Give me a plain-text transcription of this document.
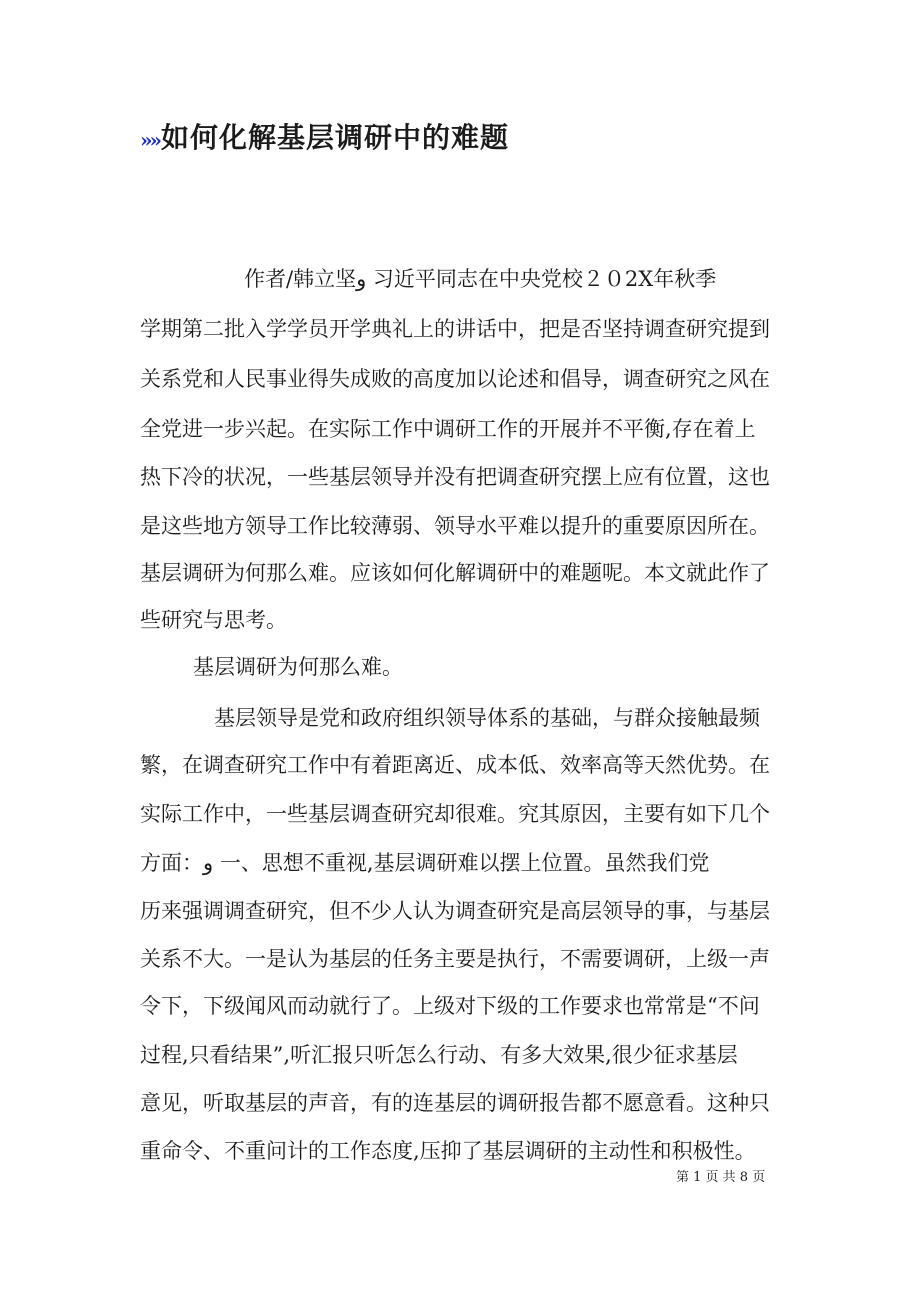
»»如何化解基层调研中的难题
作者/韩立坚و 习近平同志在中央党校２０2X年秋季
学期第二批入学学员开学典礼上的讲话中，把是否坚持调查研究提到
关系党和人民事业得失成败的高度加以论述和倡导，调查研究之风在
全党进一步兴起。在实际工作中调研工作的开展并不平衡,存在着上
热下冷的状况，一些基层领导并没有把调查研究摆上应有位置，这也
是这些地方领导工作比较薄弱、领导水平难以提升的重要原因所在。
基层调研为何那么难。应该如何化解调研中的难题呢。本文就此作了
些研究与思考。
基层调研为何那么难。
基层领导是党和政府组织领导体系的基础，与群众接触最频
繁，在调查研究工作中有着距离近、成本低、效率高等天然优势。在
实际工作中，一些基层调查研究却很难。究其原因，主要有如下几个
方面：و 一、思想不重视,基层调研难以摆上位置。虽然我们党
历来强调调查研究，但不少人认为调查研究是高层领导的事，与基层
关系不大。一是认为基层的任务主要是执行，不需要调研，上级一声
令下，下级闻风而动就行了。上级对下级的工作要求也常常是“不问
过程,只看结果”,听汇报只听怎么行动、有多大效果,很少征求基层
意见，听取基层的声音，有的连基层的调研报告都不愿意看。这种只
重命令、不重问计的工作态度,压抑了基层调研的主动性和积极性。
第 1 页 共 8 页
